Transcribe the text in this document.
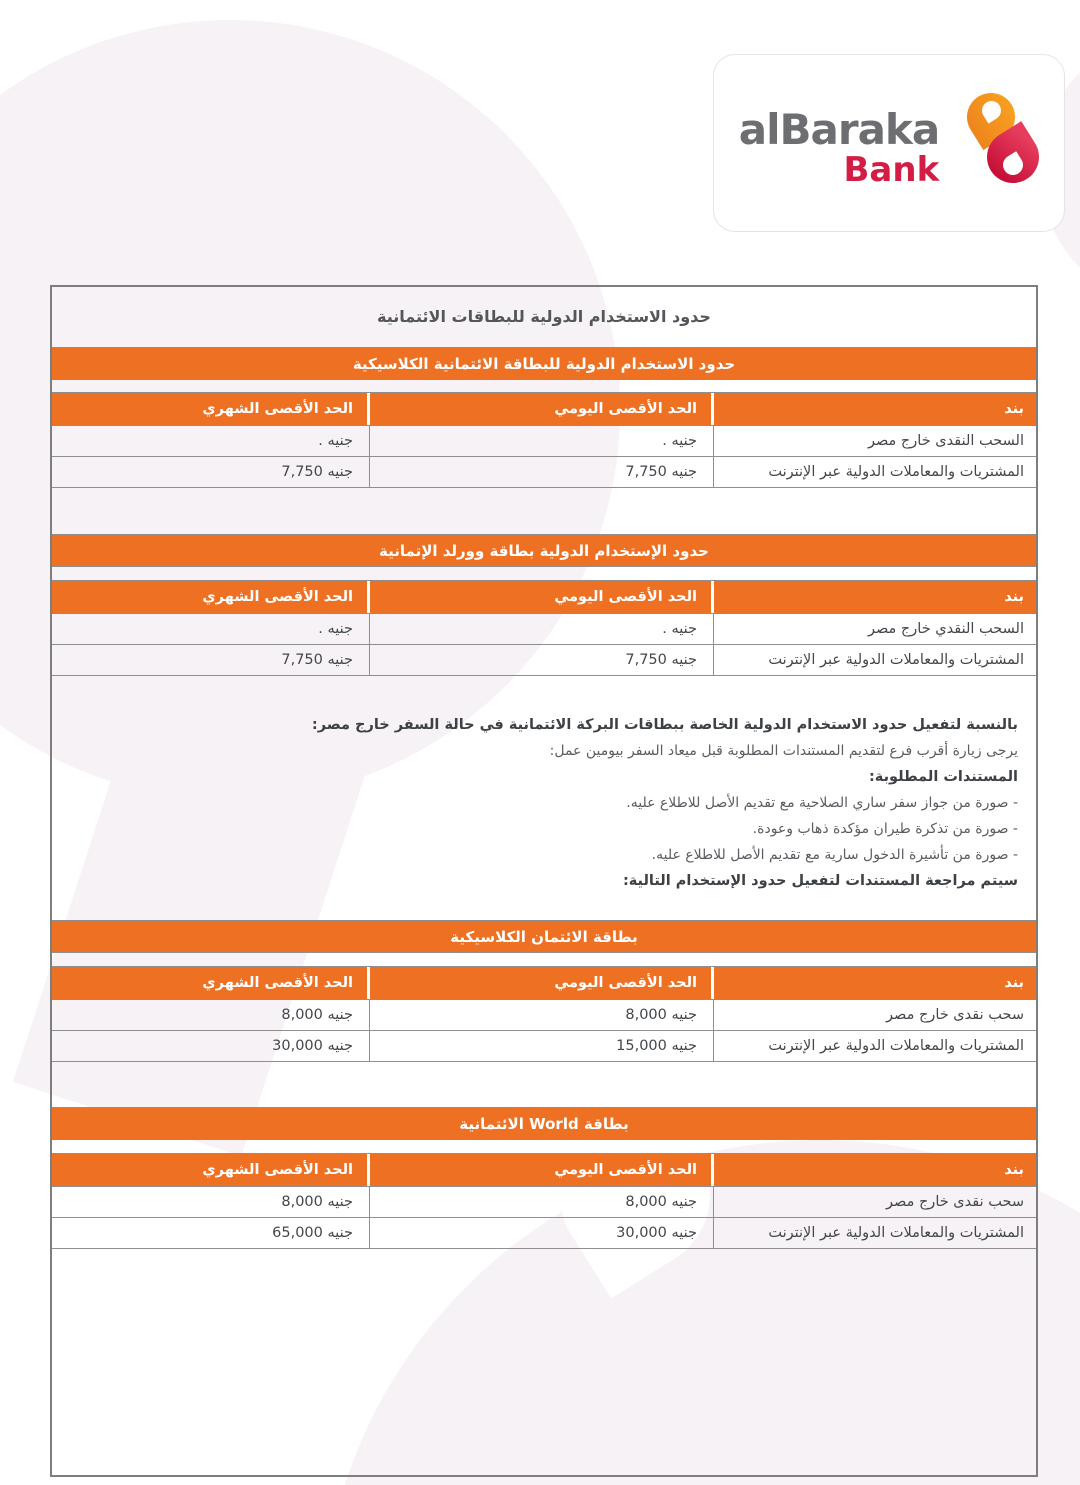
alBaraka
Bank
حدود الاستخدام الدولية للبطاقات الائتمانية
حدود الاستخدام الدولية للبطاقة الائتمانية الكلاسيكية
بند
الحد الأقصى اليومي
الحد الأقصى الشهري
السحب النقدى خارج مصر
. جنيه
. جنيه
المشتريات والمعاملات الدولية عبر الإنترنت
7,750 جنيه
7,750 جنيه
حدود الإستخدام الدولية بطاقة وورلد الإتمانية
بند
الحد الأقصى اليومي
الحد الأقصى الشهري
السحب النقدي خارج مصر
. جنيه
. جنيه
المشتريات والمعاملات الدولية عبر الإنترنت
7,750 جنيه
7,750 جنيه
بالنسبة لتفعيل حدود الاستخدام الدولية الخاصة ببطاقات البركة الائتمانية في حالة السفر خارج مصر:
يرجى زيارة أقرب فرع لتقديم المستندات المطلوبة قبل ميعاد السفر بيومين عمل:
المستندات المطلوبة:
- صورة من جواز سفر ساري الصلاحية مع تقديم الأصل للاطلاع عليه.
- صورة من تذكرة طيران مؤكدة ذهاب وعودة.
- صورة من تأشيرة الدخول سارية مع تقديم الأصل للاطلاع عليه.
سيتم مراجعة المستندات لتفعيل حدود الإستخدام التالية:
بطاقة الائتمان الكلاسيكية
بند
الحد الأقصى اليومي
الحد الأقصى الشهري
سحب نقدى خارج مصر
8,000 جنيه
8,000 جنيه
المشتريات والمعاملات الدولية عبر الإنترنت
15,000 جنيه
30,000 جنيه
بطاقة World الائتمانية
بند
الحد الأقصى اليومي
الحد الأقصى الشهري
سحب نقدى خارج مصر
8,000 جنيه
8,000 جنيه
المشتريات والمعاملات الدولية عبر الإنترنت
30,000 جنيه
65,000 جنيه
